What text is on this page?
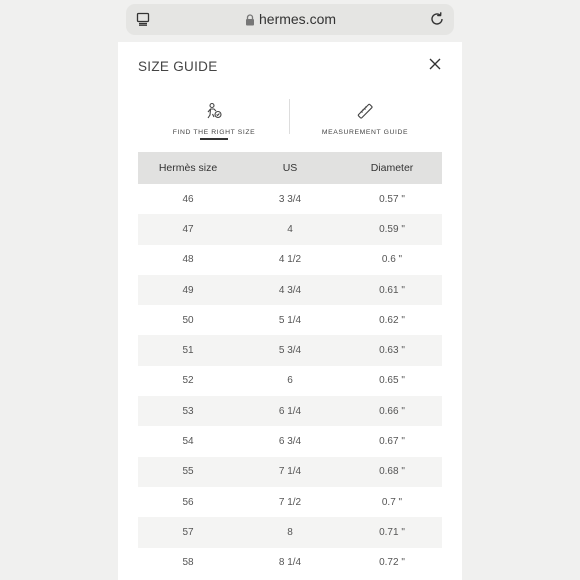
hermes.com
SIZE GUIDE
FIND THE RIGHT SIZE	MEASUREMENT GUIDE
Hermès size	US	Diameter
46	3 3/4	0.57 "
47	4	0.59 "
48	4 1/2	0.6 "
49	4 3/4	0.61 "
50	5 1/4	0.62 "
51	5 3/4	0.63 "
52	6	0.65 "
53	6 1/4	0.66 "
54	6 3/4	0.67 "
55	7 1/4	0.68 "
56	7 1/2	0.7 "
57	8	0.71 "
58	8 1/4	0.72 "
